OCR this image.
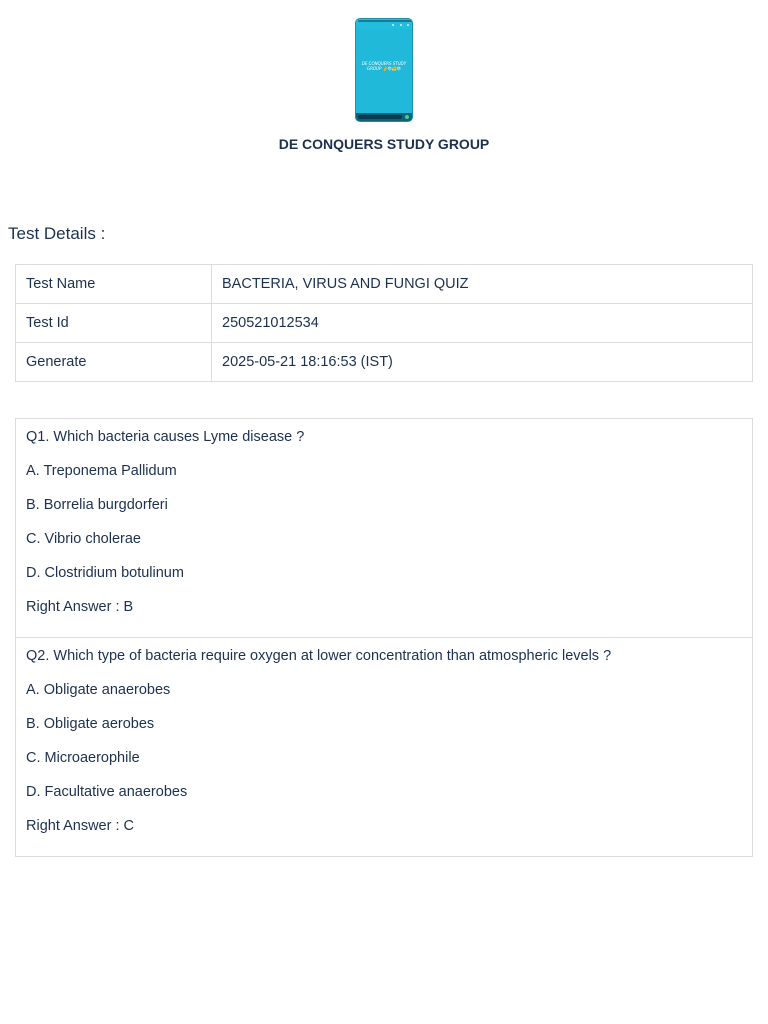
DE CONQUERS STUDY GROUP ✌️😎🤗😎
DE CONQUERS STUDY GROUP
Test Details :
Test Name	BACTERIA, VIRUS AND FUNGI QUIZ
Test Id	250521012534
Generate	2025-05-21 18:16:53 (IST)
Q1. Which bacteria causes Lyme disease ?
A. Treponema Pallidum
B. Borrelia burgdorferi
C. Vibrio cholerae
D. Clostridium botulinum
Right Answer : B
Q2. Which type of bacteria require oxygen at lower concentration than atmospheric levels ?
A. Obligate anaerobes
B. Obligate aerobes
C. Microaerophile
D. Facultative anaerobes
Right Answer : C
